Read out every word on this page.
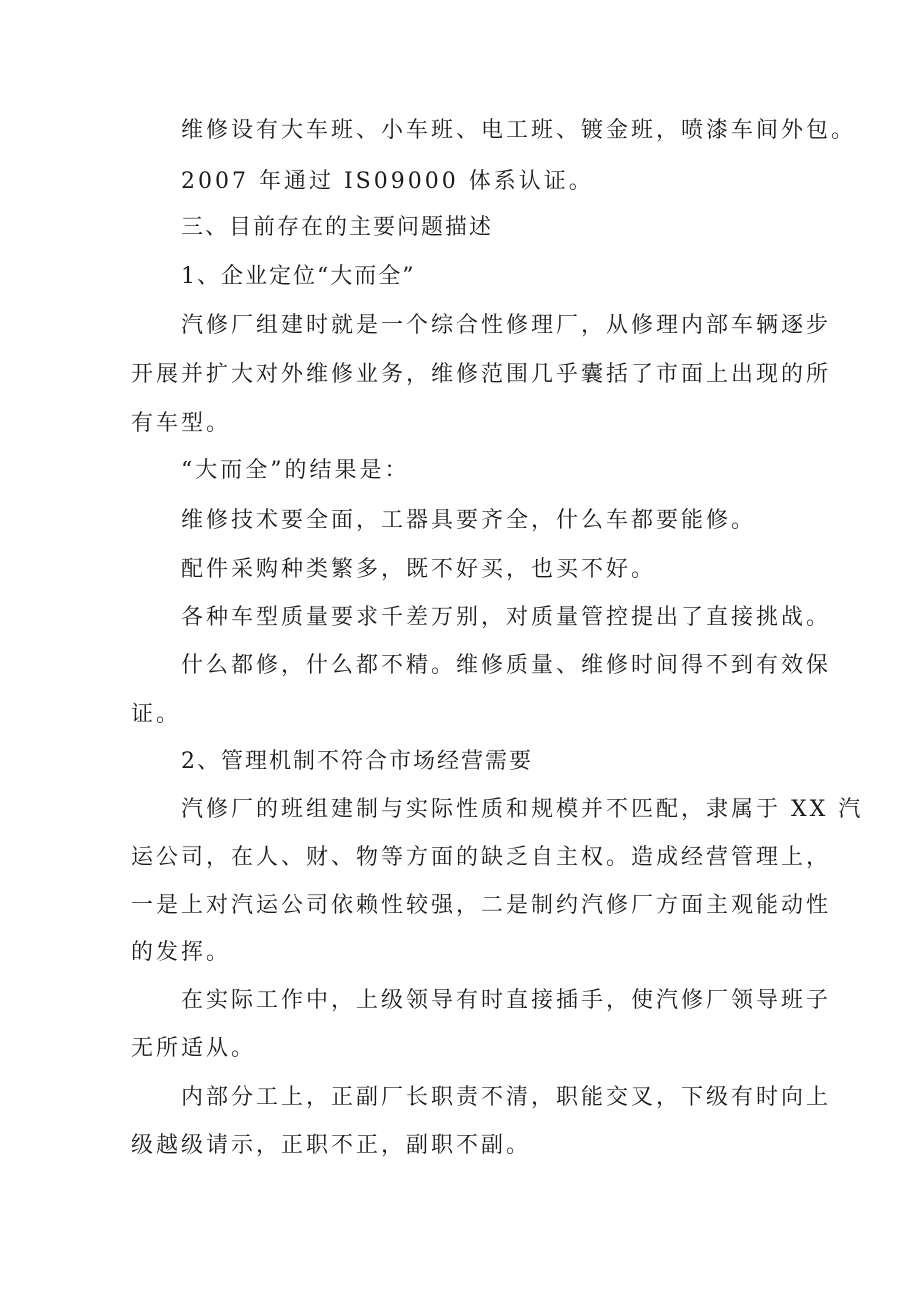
维修设有大车班、小车班、电工班、镀金班，喷漆车间外包。
2007 年通过 IS09000 体系认证。
三、目前存在的主要问题描述
1、企业定位“大而全”
汽修厂组建时就是一个综合性修理厂，从修理内部车辆逐步
开展并扩大对外维修业务，维修范围几乎囊括了市面上出现的所
有车型。
“大而全”的结果是：
维修技术要全面，工器具要齐全，什么车都要能修。
配件采购种类繁多，既不好买，也买不好。
各种车型质量要求千差万别，对质量管控提出了直接挑战。
什么都修，什么都不精。维修质量、维修时间得不到有效保
证。
2、管理机制不符合市场经营需要
汽修厂的班组建制与实际性质和规模并不匹配，隶属于 XX 汽
运公司，在人、财、物等方面的缺乏自主权。造成经营管理上，
一是上对汽运公司依赖性较强，二是制约汽修厂方面主观能动性
的发挥。
在实际工作中，上级领导有时直接插手，使汽修厂领导班子
无所适从。
内部分工上，正副厂长职责不清，职能交叉，下级有时向上
级越级请示，正职不正，副职不副。
